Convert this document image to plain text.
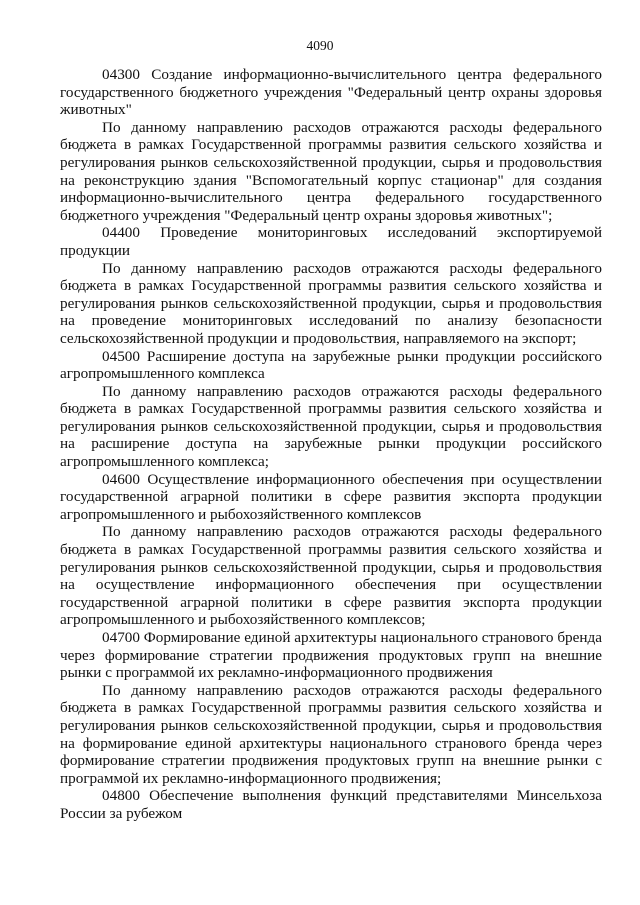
4090

04300 Создание информационно-вычислительного центра федерального государственного бюджетного учреждения "Федеральный центр охраны здоровья животных"

По данному направлению расходов отражаются расходы федерального бюджета в рамках Государственной программы развития сельского хозяйства и регулирования рынков сельскохозяйственной продукции, сырья и продовольствия на реконструкцию здания "Вспомогательный корпус стационар" для создания информационно-вычислительного центра федерального государственного бюджетного учреждения "Федеральный центр охраны здоровья животных";

04400 Проведение мониторинговых исследований экспортируемой продукции

По данному направлению расходов отражаются расходы федерального бюджета в рамках Государственной программы развития сельского хозяйства и регулирования рынков сельскохозяйственной продукции, сырья и продовольствия на проведение мониторинговых исследований по анализу безопасности сельскохозяйственной продукции и продовольствия, направляемого на экспорт;

04500 Расширение доступа на зарубежные рынки продукции российского агропромышленного комплекса

По данному направлению расходов отражаются расходы федерального бюджета в рамках Государственной программы развития сельского хозяйства и регулирования рынков сельскохозяйственной продукции, сырья и продовольствия на расширение доступа на зарубежные рынки продукции российского агропромышленного комплекса;

04600 Осуществление информационного обеспечения при осуществлении государственной аграрной политики в сфере развития экспорта продукции агропромышленного и рыбохозяйственного комплексов

По данному направлению расходов отражаются расходы федерального бюджета в рамках Государственной программы развития сельского хозяйства и регулирования рынков сельскохозяйственной продукции, сырья и продовольствия на осуществление информационного обеспечения при осуществлении государственной аграрной политики в сфере развития экспорта продукции агропромышленного и рыбохозяйственного комплексов;

04700 Формирование единой архитектуры национального странового бренда через формирование стратегии продвижения продуктовых групп на внешние рынки с программой их рекламно-информационного продвижения

По данному направлению расходов отражаются расходы федерального бюджета в рамках Государственной программы развития сельского хозяйства и регулирования рынков сельскохозяйственной продукции, сырья и продовольствия на формирование единой архитектуры национального странового бренда через формирование стратегии продвижения продуктовых групп на внешние рынки с программой их рекламно-информационного продвижения;

04800 Обеспечение выполнения функций представителями Минсельхоза России за рубежом
